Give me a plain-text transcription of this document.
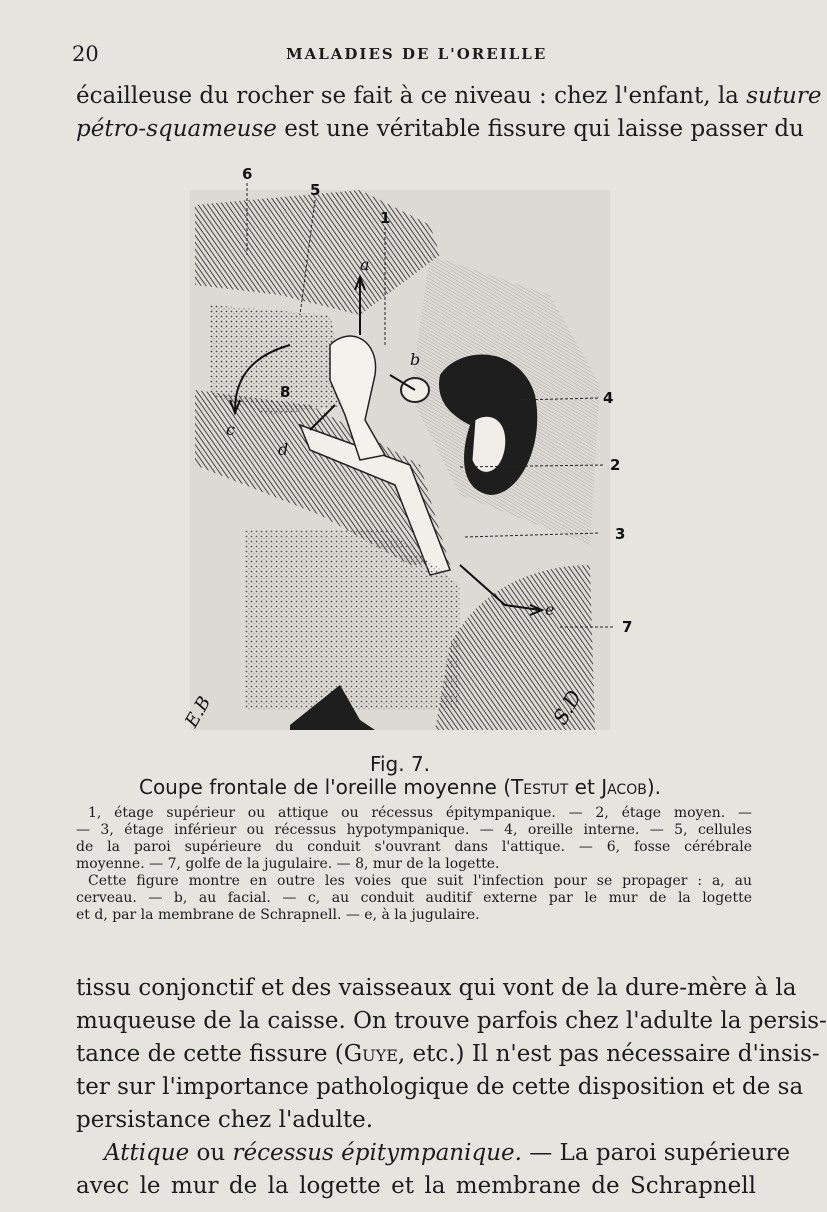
20	MALADIES DE L'OREILLE
écailleuse du rocher se fait à ce niveau : chez l'enfant, la suture
pétro-squameuse est une véritable fissure qui laisse passer du
6
5
1
4
2
3
7
8
a
b
c
d
e
E.B	S.D
Fig. 7.
Coupe frontale de l'oreille moyenne (Testut et Jacob).
1, étage supérieur ou attique ou récessus épitympanique. — 2, étage moyen. —
— 3, étage inférieur ou récessus hypotympanique. — 4, oreille interne. — 5, cellules
de la paroi supérieure du conduit s'ouvrant dans l'attique. — 6, fosse cérébrale
moyenne. — 7, golfe de la jugulaire. — 8, mur de la logette.
Cette figure montre en outre les voies que suit l'infection pour se propager : a, au
cerveau. — b, au facial. — c, au conduit auditif externe par le mur de la logette
et d, par la membrane de Schrapnell. — e, à la jugulaire.
tissu conjonctif et des vaisseaux qui vont de la dure-mère à la
muqueuse de la caisse. On trouve parfois chez l'adulte la persis-
tance de cette fissure (Guye, etc.) Il n'est pas nécessaire d'insis-
ter sur l'importance pathologique de cette disposition et de sa
persistance chez l'adulte.
Attique ou récessus épitympanique. — La paroi supérieure
avec le mur de la logette et la membrane de Schrapnell
